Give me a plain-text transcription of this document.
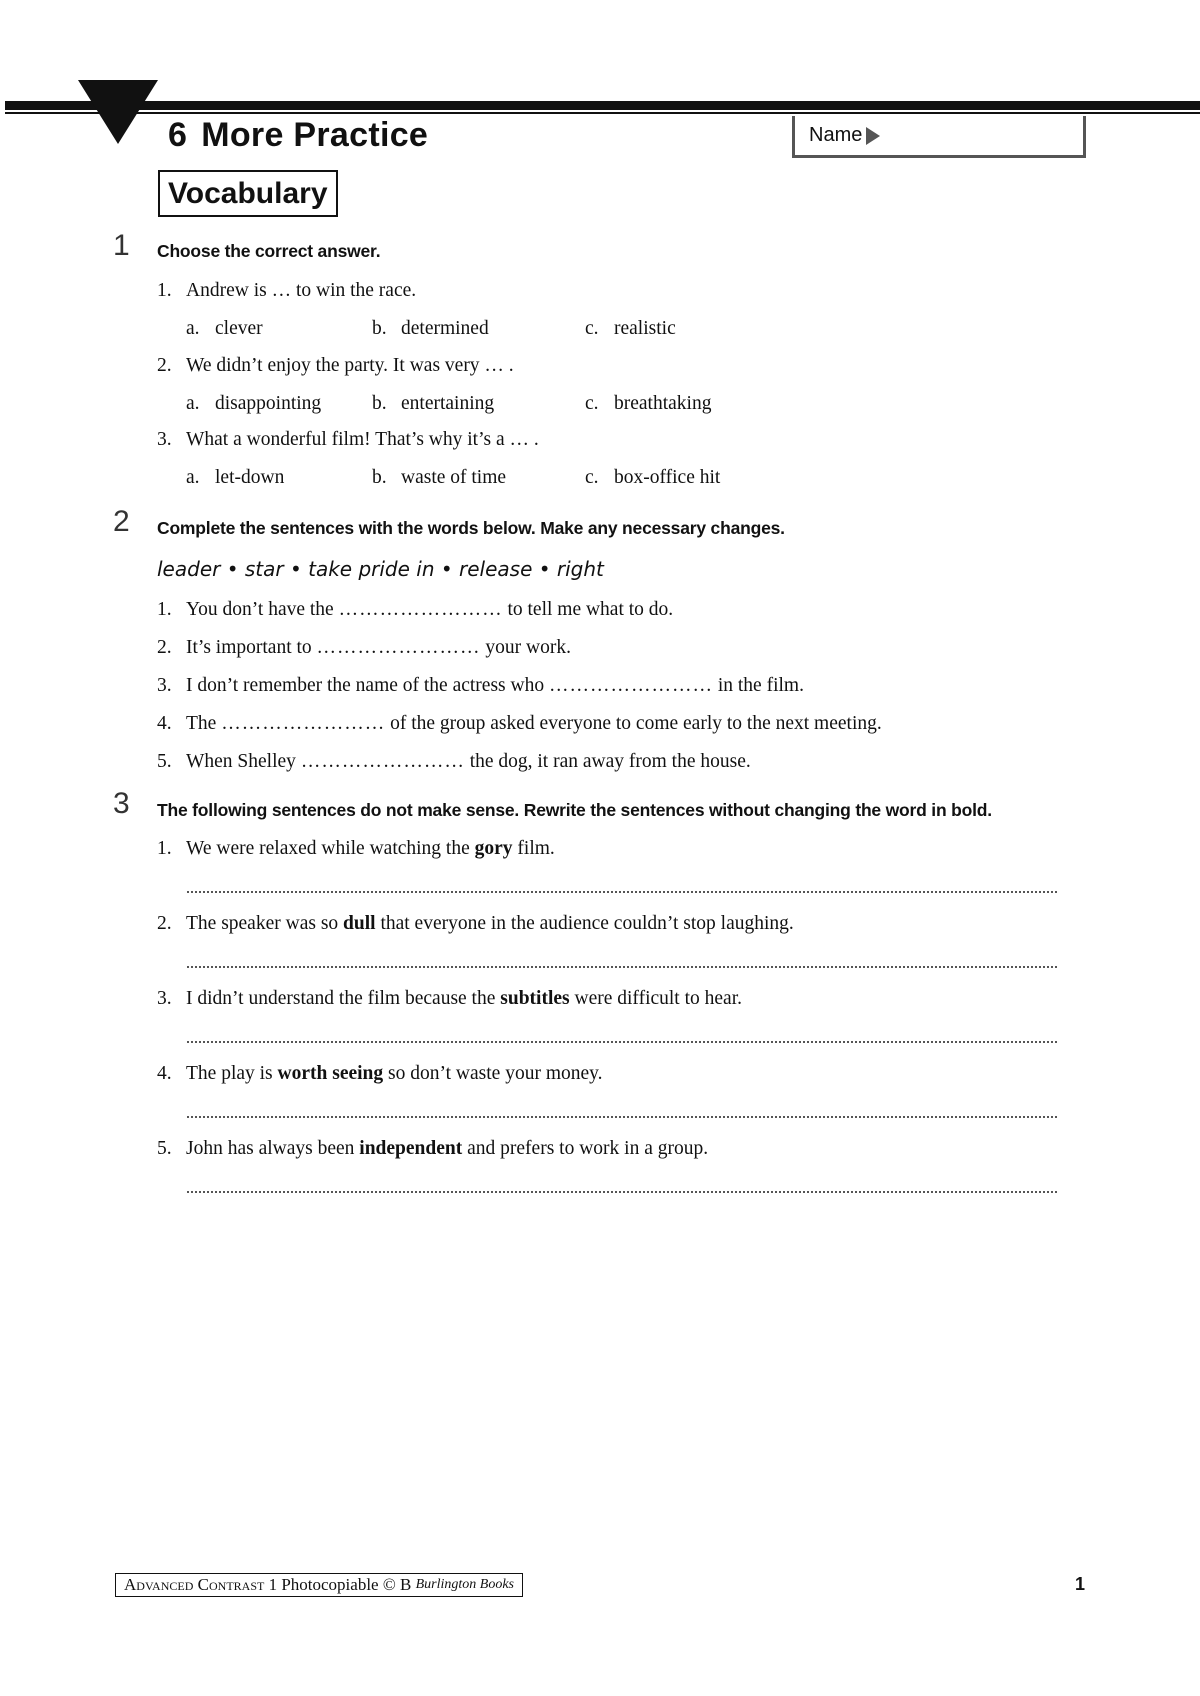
6 More Practice	Name
Vocabulary
1 Choose the correct answer.
1. Andrew is … to win the race.
a. clever	b. determined	c. realistic
2. We didn’t enjoy the party. It was very … .
a. disappointing	b. entertaining	c. breathtaking
3. What a wonderful film! That’s why it’s a … .
a. let-down	b. waste of time	c. box-office hit
2 Complete the sentences with the words below. Make any necessary changes.
leader • star • take pride in • release • right
1. You don’t have the …………………… to tell me what to do.
2. It’s important to …………………… your work.
3. I don’t remember the name of the actress who …………………… in the film.
4. The …………………… of the group asked everyone to come early to the next meeting.
5. When Shelley …………………… the dog, it ran away from the house.
3 The following sentences do not make sense. Rewrite the sentences without changing the word in bold.
1. We were relaxed while watching the gory film.
2. The speaker was so dull that everyone in the audience couldn’t stop laughing.
3. I didn’t understand the film because the subtitles were difficult to hear.
4. The play is worth seeing so don’t waste your money.
5. John has always been independent and prefers to work in a group.
Advanced Contrast 1
Photocopiable
© B
Burlington Books	1
